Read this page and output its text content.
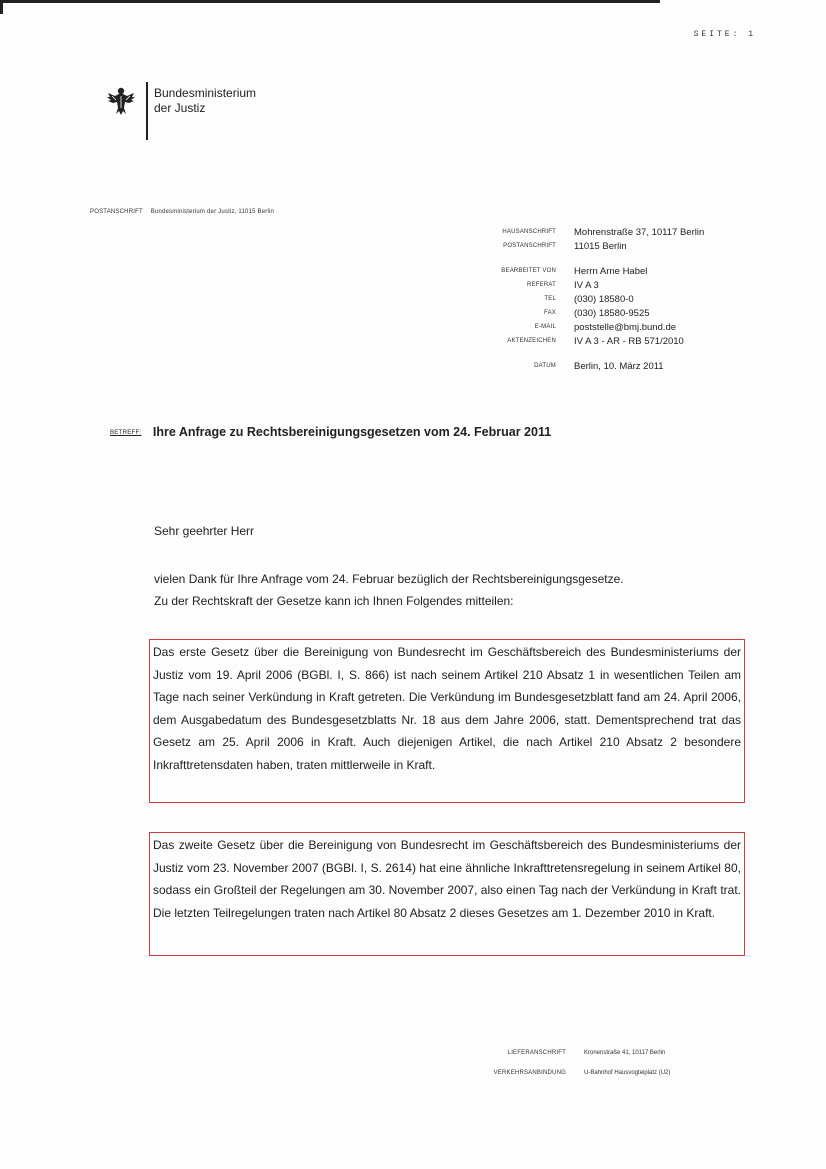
SEITE: 1
Bundesministerium
der Justiz
POSTANSCHRIFT Bundesministerium der Justiz, 11015 Berlin
HAUSANSCHRIFT	Mohrenstraße 37, 10117 Berlin
POSTANSCHRIFT	11015 Berlin

BEARBEITET VON	Herrn Arne Habel
REFERAT	IV A 3
TEL	(030) 18580-0
FAX	(030) 18580-9525
E-MAIL	poststelle@bmj.bund.de
AKTENZEICHEN	IV A 3 - AR - RB 571/2010

DATUM	Berlin, 10. März 2011
BETREFF: Ihre Anfrage zu Rechtsbereinigungsgesetzen vom 24. Februar 2011
Sehr geehrter Herr
vielen Dank für Ihre Anfrage vom 24. Februar bezüglich der Rechtsbereinigungsgesetze.
Zu der Rechtskraft der Gesetze kann ich Ihnen Folgendes mitteilen:
Das erste Gesetz über die Bereinigung von Bundesrecht im Geschäftsbereich des Bundesministeriums der Justiz vom 19. April 2006 (BGBl. I, S. 866) ist nach seinem Artikel 210 Absatz 1 in wesentlichen Teilen am Tage nach seiner Verkündung in Kraft getreten. Die Verkündung im Bundesgesetzblatt fand am 24. April 2006, dem Ausgabedatum des Bundesgesetzblatts Nr. 18 aus dem Jahre 2006, statt. Dementsprechend trat das Gesetz am 25. April 2006 in Kraft. Auch diejenigen Artikel, die nach Artikel 210 Absatz 2 besondere Inkrafttretensdaten haben, traten mittlerweile in Kraft.
Das zweite Gesetz über die Bereinigung von Bundesrecht im Geschäftsbereich des Bundesministeriums der Justiz vom 23. November 2007 (BGBl. I, S. 2614) hat eine ähnliche Inkrafttretensregelung in seinem Artikel 80, sodass ein Großteil der Regelungen am 30. November 2007, also einen Tag nach der Verkündung in Kraft trat. Die letzten Teilregelungen traten nach Artikel 80 Absatz 2 dieses Gesetzes am 1. Dezember 2010 in Kraft.
LIEFERANSCHRIFT	Kronenstraße 41, 10117 Berlin
VERKEHRSANBINDUNG	U-Bahnhof Hausvogteiplatz (U2)
